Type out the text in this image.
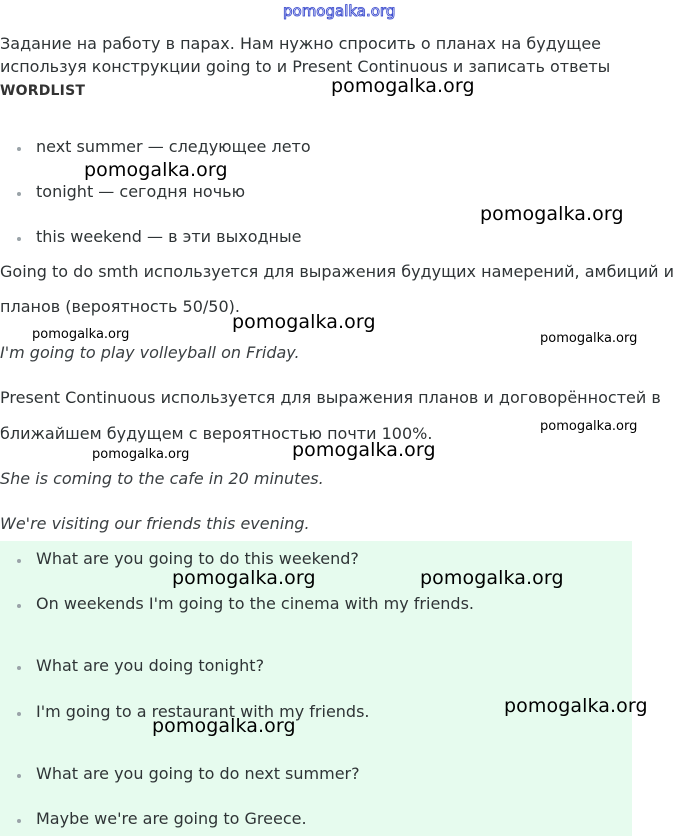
pomogalka.org
Задание на работу в парах. Нам нужно спросить о планах на будущее
используя конструкции going to и Present Continuous и записать ответы
WORDLIST
next summer — следующее лето
tonight — сегодня ночью
this weekend — в эти выходные
Going to do smth используется для выражения будущих намерений, амбиций и
планов (вероятность 50/50).
I'm going to play volleyball on Friday.
Present Continuous используется для выражения планов и договорённостей в
ближайшем будущем с вероятностью почти 100%.
She is coming to the cafe in 20 minutes.
We're visiting our friends this evening.
What are you going to do this weekend?
On weekends I'm going to the cinema with my friends.
What are you doing tonight?
I'm going to a restaurant with my friends.
What are you going to do next summer?
Maybe we're are going to Greece.
pomogalka.org
pomogalka.org
pomogalka.org
pomogalka.org
pomogalka.org	pomogalka.org
pomogalka.org
pomogalka.org
pomogalka.org
pomogalka.org	pomogalka.org
pomogalka.org
pomogalka.org
